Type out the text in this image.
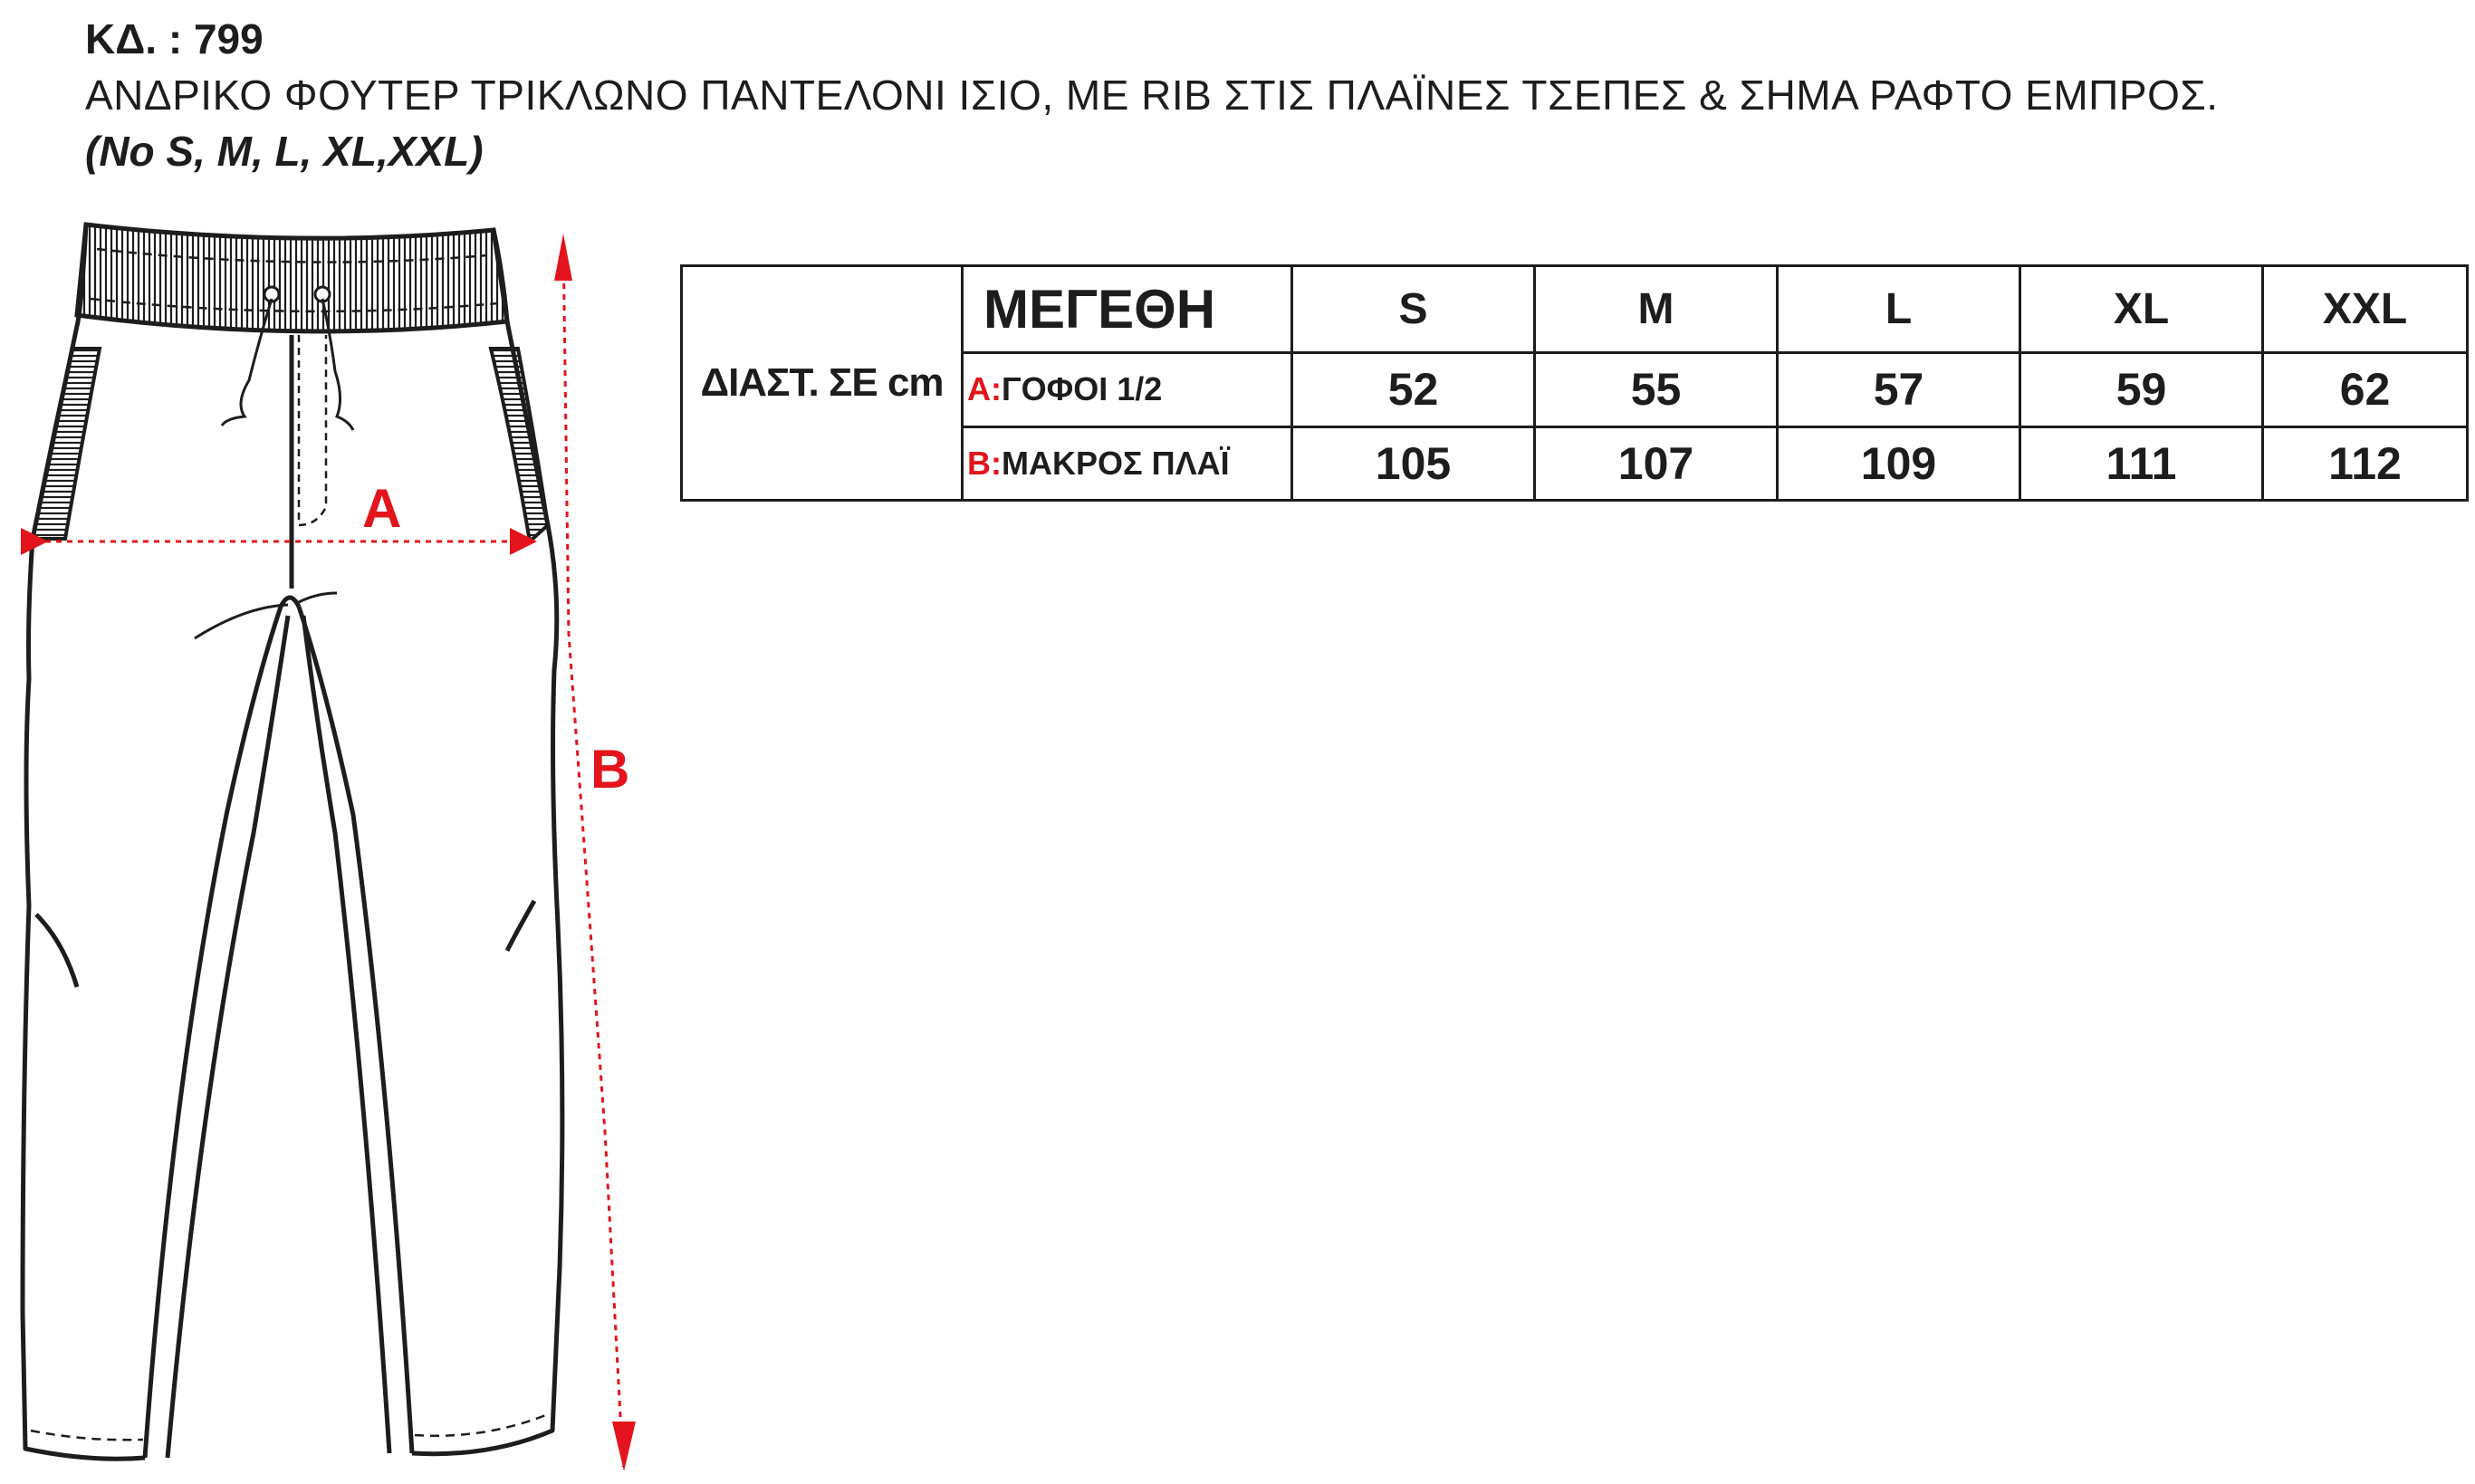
ΚΔ. : 799
ΑΝΔΡΙΚΟ ΦΟΥΤΕΡ ΤΡΙΚΛΩΝΟ ΠΑΝΤΕΛΟΝΙ ΙΣΙΟ, ΜΕ RIB ΣΤΙΣ ΠΛΑΪΝΕΣ ΤΣΕΠΕΣ & ΣΗΜΑ ΡΑΦΤΟ ΕΜΠΡΟΣ.
(No S, M, L, XL,XXL)
A
B
ΔΙΑΣΤ. ΣΕ cm	ΜΕΓΕΘΗ	S	M	L	XL	XXL
	A:ΓΟΦΟΙ 1/2	52	55	57	59	62
	B:ΜΑΚΡΟΣ ΠΛΑΪ	105	107	109	111	112
